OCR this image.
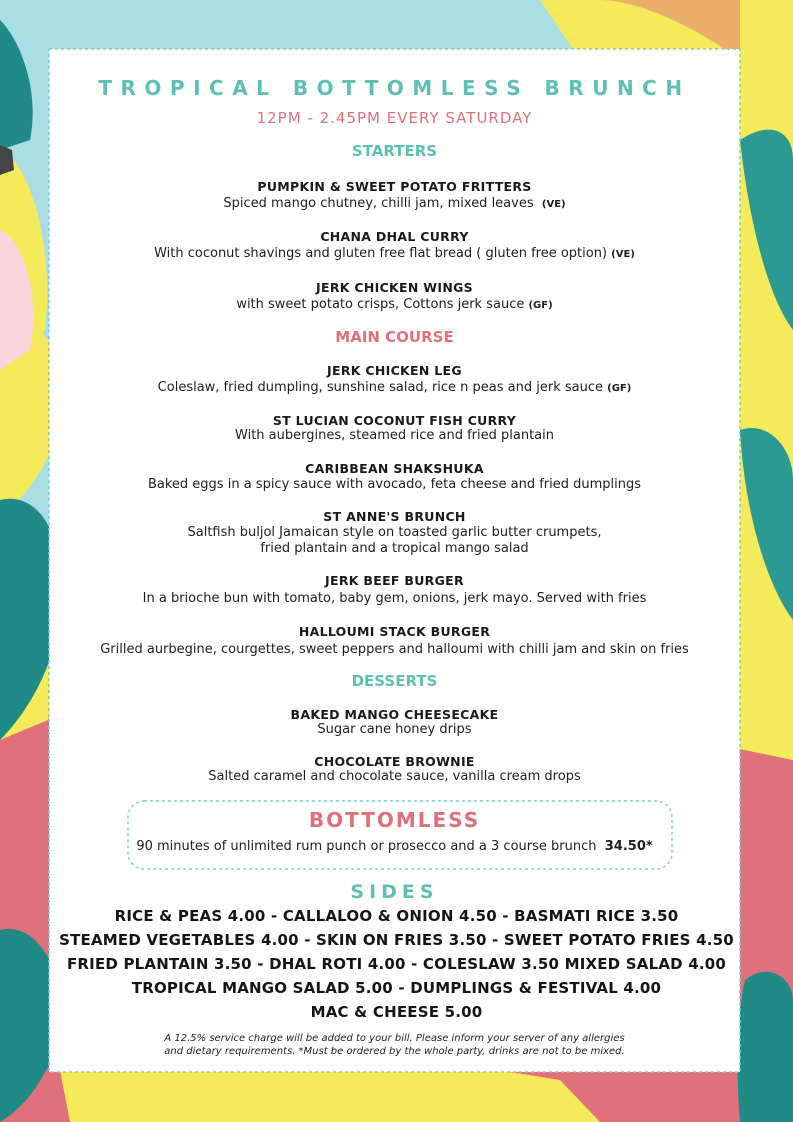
TROPICAL BOTTOMLESS BRUNCH
12PM - 2.45PM EVERY SATURDAY
STARTERS
PUMPKIN & SWEET POTATO FRITTERS
Spiced mango chutney, chilli jam, mixed leaves (VE)
CHANA DHAL CURRY
With coconut shavings and gluten free flat bread ( gluten free option) (VE)
JERK CHICKEN WINGS
with sweet potato crisps, Cottons jerk sauce (GF)
MAIN COURSE
JERK CHICKEN LEG
Coleslaw, fried dumpling, sunshine salad, rice n peas and jerk sauce (GF)
ST LUCIAN COCONUT FISH CURRY
With aubergines, steamed rice and fried plantain
CARIBBEAN SHAKSHUKA
Baked eggs in a spicy sauce with avocado, feta cheese and fried dumplings
ST ANNE'S BRUNCH
Saltfish buljol Jamaican style on toasted garlic butter crumpets,
fried plantain and a tropical mango salad
JERK BEEF BURGER
In a brioche bun with tomato, baby gem, onions, jerk mayo. Served with fries
HALLOUMI STACK BURGER
Grilled aurbegine, courgettes, sweet peppers and halloumi with chilli jam and skin on fries
DESSERTS
BAKED MANGO CHEESECAKE
Sugar cane honey drips
CHOCOLATE BROWNIE
Salted caramel and chocolate sauce, vanilla cream drops
BOTTOMLESS
90 minutes of unlimited rum punch or prosecco and a 3 course brunch 34.50*
SIDES
RICE & PEAS 4.00 - CALLALOO & ONION 4.50 - BASMATI RICE 3.50
STEAMED VEGETABLES 4.00 - SKIN ON FRIES 3.50 - SWEET POTATO FRIES 4.50
FRIED PLANTAIN 3.50 - DHAL ROTI 4.00 - COLESLAW 3.50 MIXED SALAD 4.00
TROPICAL MANGO SALAD 5.00 - DUMPLINGS & FESTIVAL 4.00
MAC & CHEESE 5.00
A 12.5% service charge will be added to your bill, Please inform your server of any allergies
and dietary requirements. *Must be ordered by the whole party, drinks are not to be mixed.
